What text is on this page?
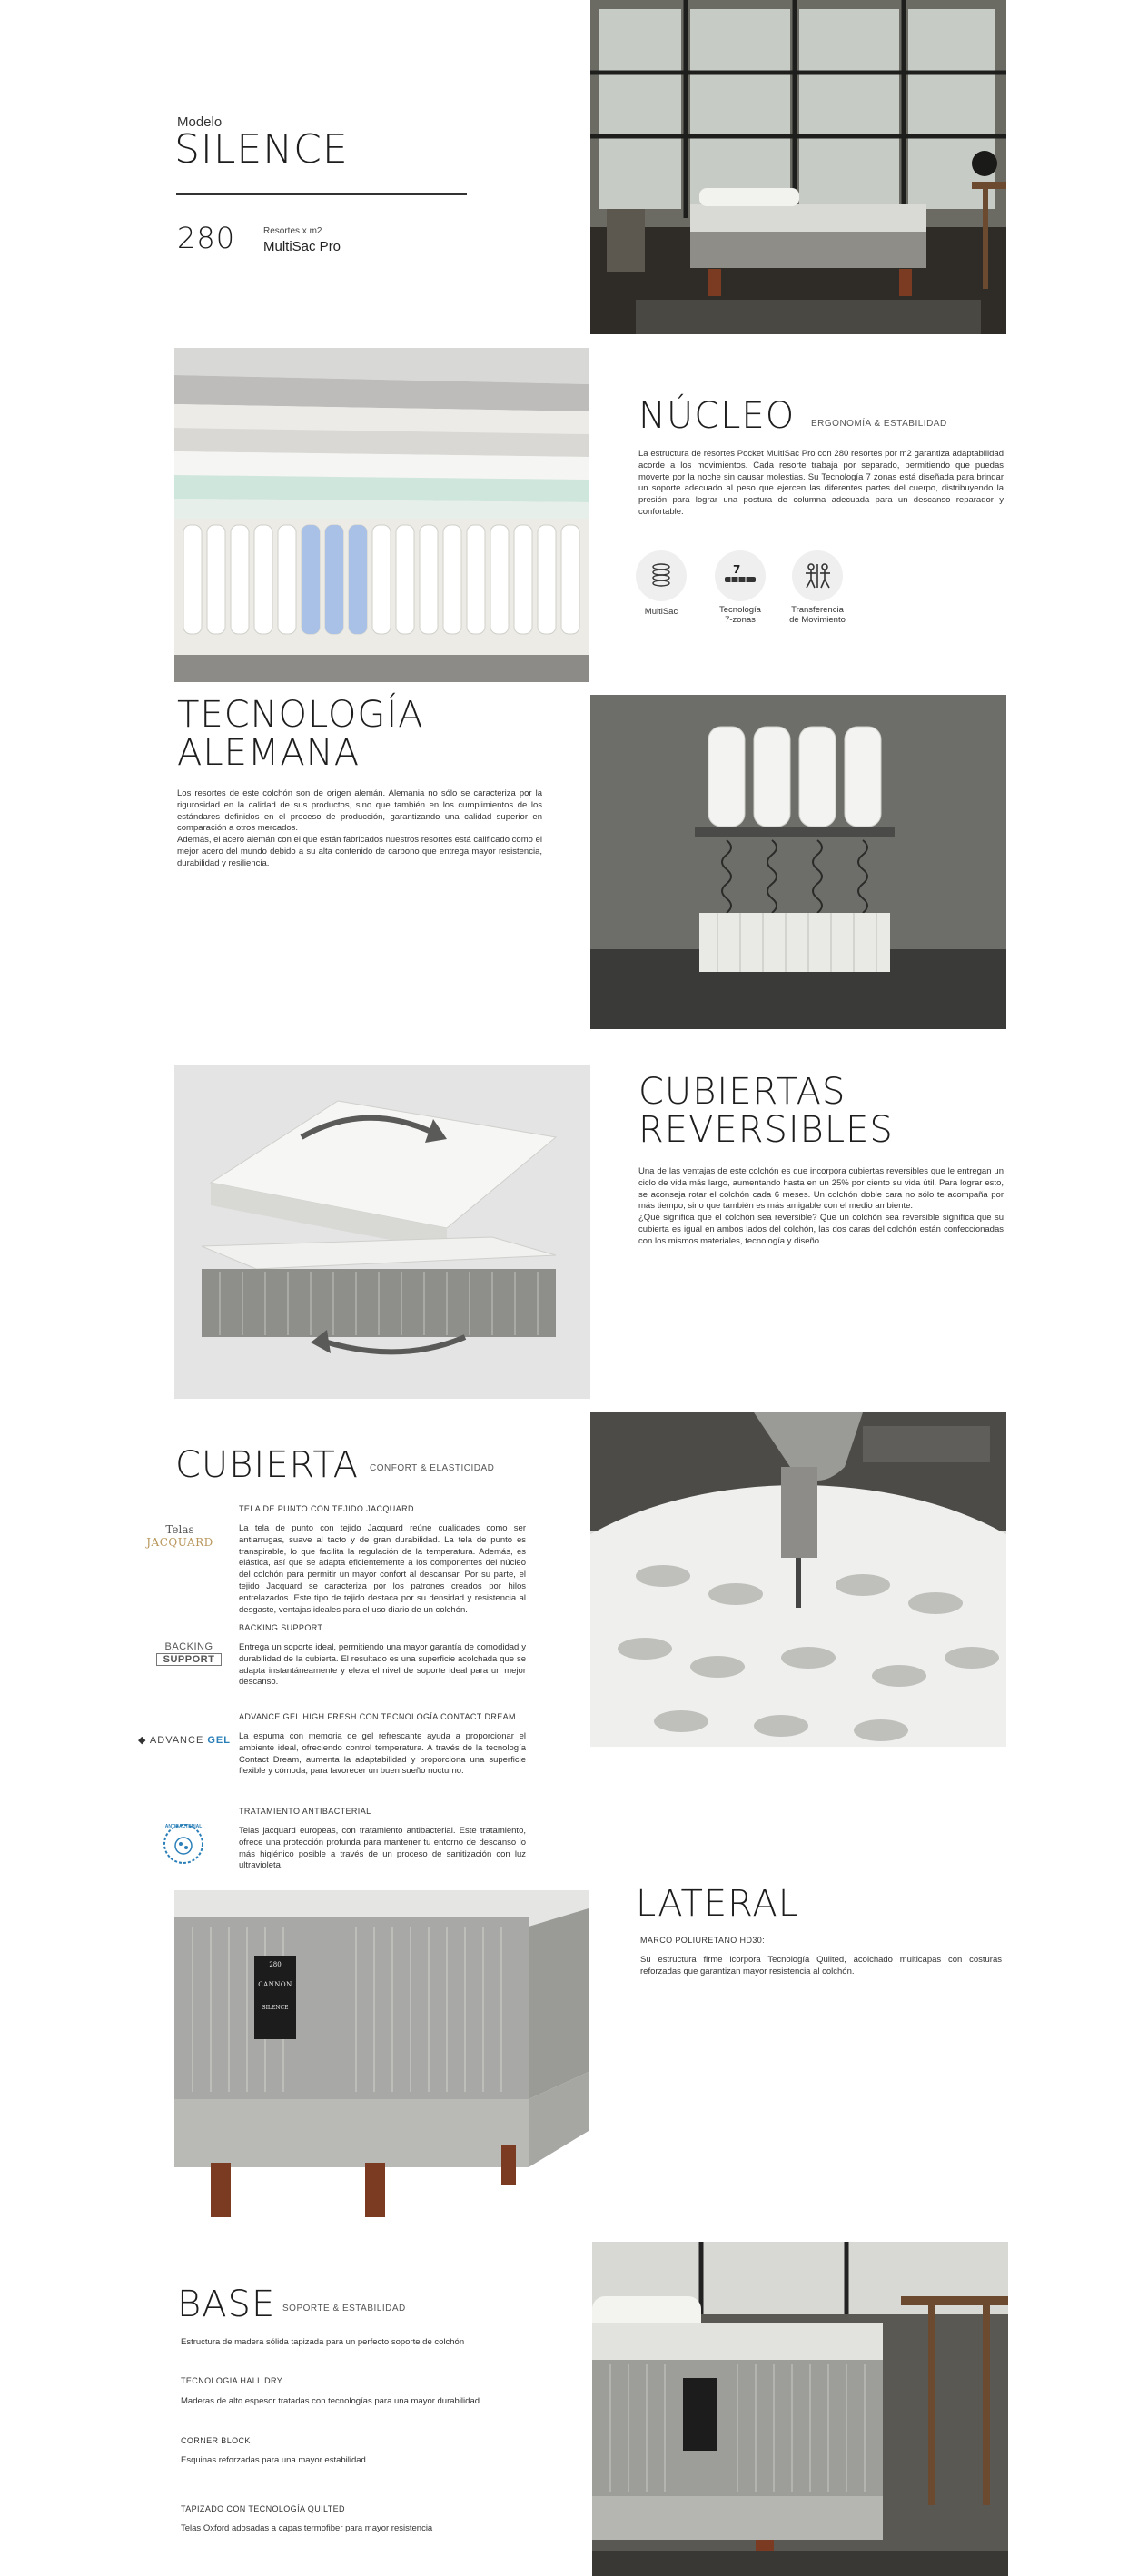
Modelo
SILENCE
280	Resortes x m2
MultiSac Pro
NÚCLEO ERGONOMÍA & ESTABILIDAD
La estructura de resortes Pocket MultiSac Pro con 280 resortes por m2 garantiza adaptabilidad acorde a los movimientos. Cada resorte trabaja por separado, permitiendo que puedas moverte por la noche sin causar molestias. Su Tecnología 7 zonas está diseñada para brindar un soporte adecuado al peso que ejercen las diferentes partes del cuerpo, distribuyendo la presión para lograr una postura de columna adecuada para un descanso reparador y confortable.
MultiSac
7
Tecnología
7-zonas
Transferencia
de Movimiento
TECNOLOGÍA
ALEMANA
Los resortes de este colchón son de origen alemán. Alemania no sólo se caracteriza por la rigurosidad en la calidad de sus productos, sino que también en los cumplimientos de los estándares definidos en el proceso de producción, garantizando una calidad superior en comparación a otros mercados.
Además, el acero alemán con el que están fabricados nuestros resortes está calificado como el mejor acero del mundo debido a su alta contenido de carbono que entrega mayor resistencia, durabilidad y resiliencia.
CUBIERTAS
REVERSIBLES
Una de las ventajas de este colchón es que incorpora cubiertas reversibles que le entregan un ciclo de vida más largo, aumentando hasta en un 25% por ciento su vida útil. Para lograr esto, se aconseja rotar el colchón cada 6 meses. Un colchón doble cara no sólo te acompaña por más tiempo, sino que también es más amigable con el medio ambiente.
¿Qué significa que el colchón sea reversible? Que un colchón sea reversible significa que su cubierta es igual en ambos lados del colchón, las dos caras del colchón están confeccionadas con los mismos materiales, tecnología y diseño.
CUBIERTA CONFORT & ELASTICIDAD
Telas
JACQUARD
TELA DE PUNTO CON TEJIDO JACQUARD
La tela de punto con tejido Jacquard reúne cualidades como ser antiarrugas, suave al tacto y de gran durabilidad. La tela de punto es transpirable, lo que facilita la regulación de la temperatura. Además, es elástica, así que se adapta eficientemente a los componentes del núcleo del colchón para permitir un mayor confort al descansar. Por su parte, el tejido Jacquard se caracteriza por los patrones creados por hilos entrelazados. Este tipo de tejido destaca por su densidad y resistencia al desgaste, ventajas ideales para el uso diario de un colchón.
BACKING
SUPPORT
BACKING SUPPORT
Entrega un soporte ideal, permitiendo una mayor garantía de comodidad y durabilidad de la cubierta. El resultado es una superficie acolchada que se adapta instantáneamente y eleva el nivel de soporte ideal para un mejor descanso.
◆ ADVANCE GEL
ADVANCE GEL HIGH FRESH CON TECNOLOGÍA CONTACT DREAM
La espuma con memoria de gel refrescante ayuda a proporcionar el ambiente ideal, ofreciendo control temperatura. A través de la tecnología Contact Dream, aumenta la adaptabilidad y proporciona una superficie flexible y cómoda, para favorecer un buen sueño nocturno.
ANTIBACTERIAL
TRATAMIENTO ANTIBACTERIAL
Telas jacquard europeas, con tratamiento antibacterial. Este tratamiento, ofrece una protección profunda para mantener tu entorno de descanso lo más higiénico posible a través de un proceso de sanitización con luz ultravioleta.
280
CANNON
SILENCE
LATERAL
MARCO POLIURETANO HD30:
Su estructura firme icorpora Tecnología Quilted, acolchado multicapas con costuras reforzadas que garantizan mayor resistencia al colchón.
BASE SOPORTE & ESTABILIDAD
Estructura de madera sólida tapizada para un perfecto soporte de colchón
TECNOLOGIA HALL DRY
Maderas de alto espesor tratadas con tecnologías para una mayor durabilidad
CORNER BLOCK
Esquinas reforzadas para una mayor estabilidad
TAPIZADO CON TECNOLOGÍA QUILTED
Telas Oxford adosadas a capas termofiber para mayor resistencia
